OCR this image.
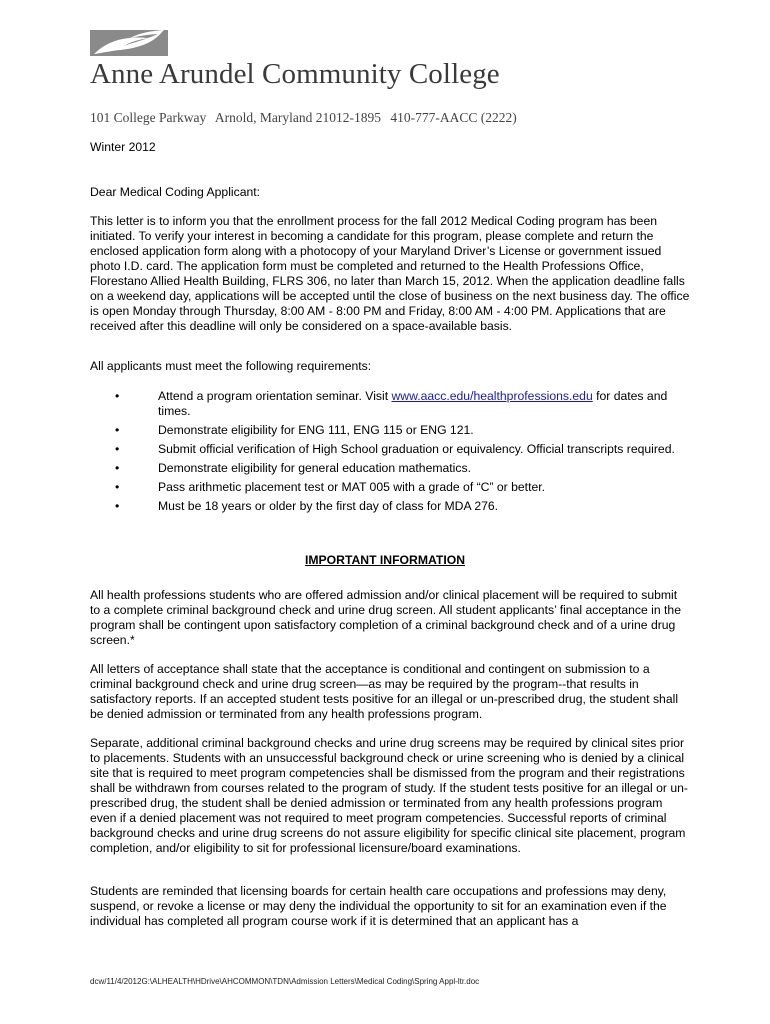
Anne Arundel Community College
101 College Parkway Arnold, Maryland 21012-1895 410-777-AACC (2222)

Winter 2012

Dear Medical Coding Applicant:

This letter is to inform you that the enrollment process for the fall 2012 Medical Coding program has been initiated. To verify your interest in becoming a candidate for this program, please complete and return the enclosed application form along with a photocopy of your Maryland Driver’s License or government issued photo I.D. card. The application form must be completed and returned to the Health Professions Office, Florestano Allied Health Building, FLRS 306, no later than March 15, 2012. When the application deadline falls on a weekend day, applications will be accepted until the close of business on the next business day. The office is open Monday through Thursday, 8:00 AM - 8:00 PM and Friday, 8:00 AM - 4:00 PM. Applications that are received after this deadline will only be considered on a space-available basis.

All applicants must meet the following requirements:

•	Attend a program orientation seminar. Visit www.aacc.edu/healthprofessions.edu for dates and times.
•	Demonstrate eligibility for ENG 111, ENG 115 or ENG 121.
•	Submit official verification of High School graduation or equivalency. Official transcripts required.
•	Demonstrate eligibility for general education mathematics.
•	Pass arithmetic placement test or MAT 005 with a grade of “C” or better.
•	Must be 18 years or older by the first day of class for MDA 276.
IMPORTANT INFORMATION

All health professions students who are offered admission and/or clinical placement will be required to submit to a complete criminal background check and urine drug screen. All student applicants’ final acceptance in the program shall be contingent upon satisfactory completion of a criminal background check and of a urine drug screen.*

All letters of acceptance shall state that the acceptance is conditional and contingent on submission to a criminal background check and urine drug screen—as may be required by the program--that results in satisfactory reports. If an accepted student tests positive for an illegal or un-prescribed drug, the student shall be denied admission or terminated from any health professions program.

Separate, additional criminal background checks and urine drug screens may be required by clinical sites prior to placements. Students with an unsuccessful background check or urine screening who is denied by a clinical site that is required to meet program competencies shall be dismissed from the program and their registrations shall be withdrawn from courses related to the program of study. If the student tests positive for an illegal or un-prescribed drug, the student shall be denied admission or terminated from any health professions program even if a denied placement was not required to meet program competencies. Successful reports of criminal background checks and urine drug screens do not assure eligibility for specific clinical site placement, program completion, and/or eligibility to sit for professional licensure/board examinations.

Students are reminded that licensing boards for certain health care occupations and professions may deny, suspend, or revoke a license or may deny the individual the opportunity to sit for an examination even if the individual has completed all program course work if it is determined that an applicant has a

dcw/11/4/2012G:\ALHEALTH\HDrive\AHCOMMON\TDN\Admission Letters\Medical Coding\Spring Appl-ltr.doc
